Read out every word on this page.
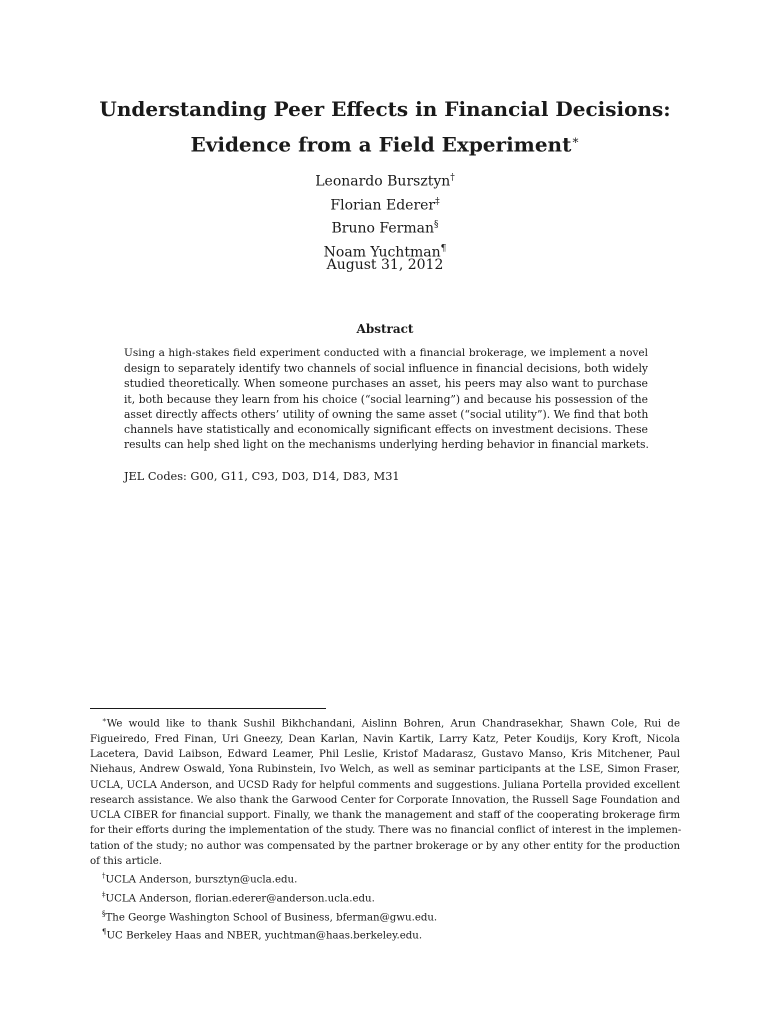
Understanding Peer Effects in Financial Decisions:
Evidence from a Field Experiment∗
Leonardo Bursztyn†
Florian Ederer‡
Bruno Ferman§
Noam Yuchtman¶
August 31, 2012
Abstract
Using a high-stakes field experiment conducted with a financial brokerage, we implement a novel
design to separately identify two channels of social influence in financial decisions, both widely
studied theoretically. When someone purchases an asset, his peers may also want to purchase
it, both because they learn from his choice (“social learning”) and because his possession of the
asset directly affects others’ utility of owning the same asset (“social utility”). We find that both
channels have statistically and economically significant effects on investment decisions. These
results can help shed light on the mechanisms underlying herding behavior in financial markets.
JEL Codes: G00, G11, C93, D03, D14, D83, M31
∗We would like to thank Sushil Bikhchandani, Aislinn Bohren, Arun Chandrasekhar, Shawn Cole, Rui de
Figueiredo, Fred Finan, Uri Gneezy, Dean Karlan, Navin Kartik, Larry Katz, Peter Koudijs, Kory Kroft, Nicola
Lacetera, David Laibson, Edward Leamer, Phil Leslie, Kristof Madarasz, Gustavo Manso, Kris Mitchener, Paul
Niehaus, Andrew Oswald, Yona Rubinstein, Ivo Welch, as well as seminar participants at the LSE, Simon Fraser,
UCLA, UCLA Anderson, and UCSD Rady for helpful comments and suggestions. Juliana Portella provided excellent
research assistance. We also thank the Garwood Center for Corporate Innovation, the Russell Sage Foundation and
UCLA CIBER for financial support. Finally, we thank the management and staff of the cooperating brokerage firm
for their efforts during the implementation of the study. There was no financial conflict of interest in the implemen-
tation of the study; no author was compensated by the partner brokerage or by any other entity for the production
of this article.
†UCLA Anderson, bursztyn@ucla.edu.
‡UCLA Anderson, florian.ederer@anderson.ucla.edu.
§The George Washington School of Business, bferman@gwu.edu.
¶UC Berkeley Haas and NBER, yuchtman@haas.berkeley.edu.
